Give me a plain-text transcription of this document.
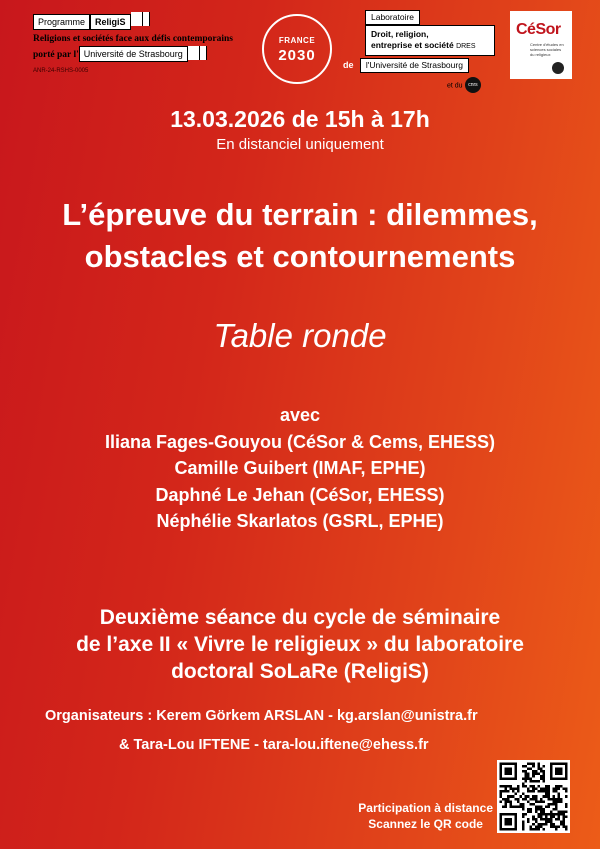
Programme ReligiS
Religions et sociétés face aux défis contemporains
porté par l' Université de Strasbourg
ANR-24-RSHS-0005
FRANCE
2030
Laboratoire
Droit, religion,
entreprise et société DRES
de l'Université de Strasbourg
et du cnrs
CéSor
Centre d'études en sciences sociales du religieux
13.03.2026 de 15h à 17h
En distanciel uniquement
L’épreuve du terrain : dilemmes,
obstacles et contournements
Table ronde
avec
Iliana Fages-Gouyou (CéSor & Cems, EHESS)
Camille Guibert (IMAF, EPHE)
Daphné Le Jehan (CéSor, EHESS)
Néphélie Skarlatos (GSRL, EPHE)
Deuxième séance du cycle de séminaire
de l’axe II « Vivre le religieux » du laboratoire
doctoral SoLaRe (ReligiS)
Organisateurs : Kerem Görkem ARSLAN - kg.arslan@unistra.fr
& Tara-Lou IFTENE - tara-lou.iftene@ehess.fr
Participation à distance
Scannez le QR code
